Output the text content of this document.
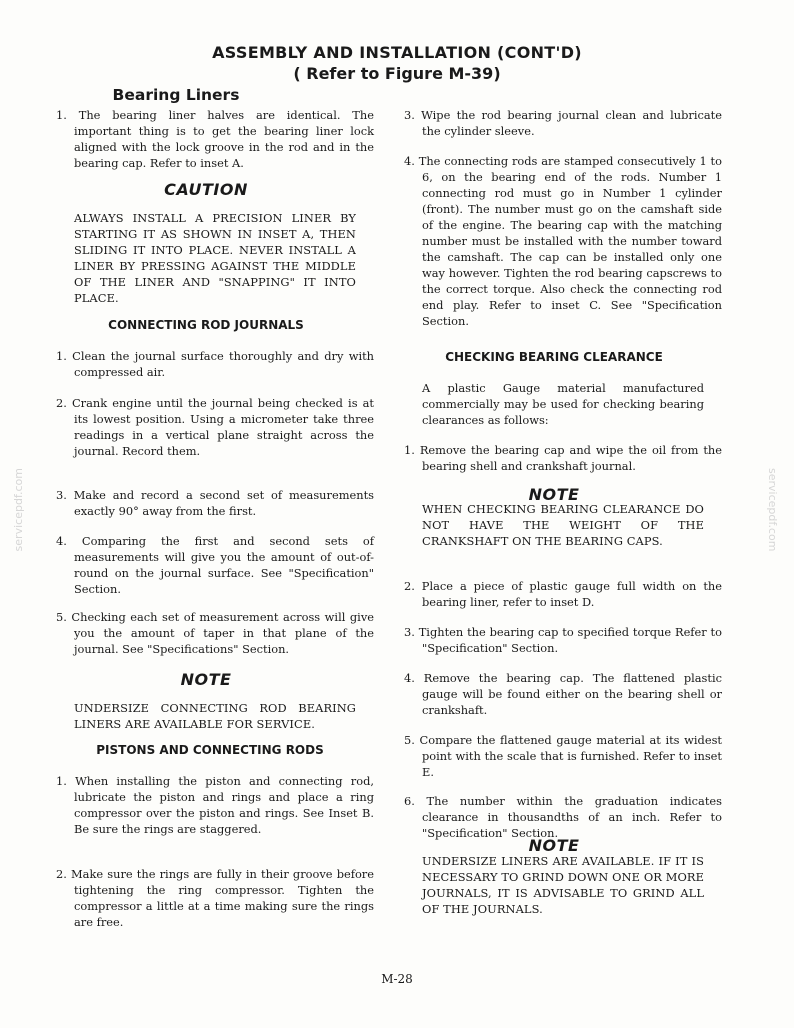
ASSEMBLY AND INSTALLATION (CONT'D)
( Refer to Figure M-39)
Bearing Liners
1. The bearing liner halves are identical. The important thing is to get the bearing liner lock aligned with the lock groove in the rod and in the bearing cap. Refer to inset A.
CAUTION
ALWAYS INSTALL A PRECISION LINER BY STARTING IT AS SHOWN IN INSET A, THEN SLIDING IT INTO PLACE. NEVER INSTALL A LINER BY PRESSING AGAINST THE MIDDLE OF THE LINER AND "SNAPPING" IT INTO PLACE.
CONNECTING ROD JOURNALS
1. Clean the journal surface thoroughly and dry with compressed air.
2. Crank engine until the journal being checked is at its lowest position. Using a micrometer take three readings in a vertical plane straight across the journal. Record them.
3. Make and record a second set of measurements exactly 90° away from the first.
4. Comparing the first and second sets of measurements will give you the amount of out-of-round on the journal surface. See "Specification" Section.
5. Checking each set of measurement across will give you the amount of taper in that plane of the journal. See "Specifications" Section.
NOTE
UNDERSIZE CONNECTING ROD BEARING LINERS ARE AVAILABLE FOR SERVICE.
PISTONS AND CONNECTING RODS
1. When installing the piston and connecting rod, lubricate the piston and rings and place a ring compressor over the piston and rings. See Inset B. Be sure the rings are staggered.
2. Make sure the rings are fully in their groove before tightening the ring compressor. Tighten the compressor a little at a time making sure the rings are free.
3. Wipe the rod bearing journal clean and lubricate the cylinder sleeve.
4. The connecting rods are stamped consecutively 1 to 6, on the bearing end of the rods. Number 1 connecting rod must go in Number 1 cylinder (front). The number must go on the camshaft side of the engine. The bearing cap with the matching number must be installed with the number toward the camshaft. The cap can be installed only one way however. Tighten the rod bearing capscrews to the correct torque. Also check the connecting rod end play. Refer to inset C. See "Specification Section.
CHECKING BEARING CLEARANCE
A plastic Gauge material manufactured commercially may be used for checking bearing clearances as follows:
1. Remove the bearing cap and wipe the oil from the bearing shell and crankshaft journal.
NOTE
WHEN CHECKING BEARING CLEARANCE DO NOT HAVE THE WEIGHT OF THE CRANKSHAFT ON THE BEARING CAPS.
2. Place a piece of plastic gauge full width on the bearing liner, refer to inset D.
3. Tighten the bearing cap to specified torque Refer to "Specification" Section.
4. Remove the bearing cap. The flattened plastic gauge will be found either on the bearing shell or crankshaft.
5. Compare the flattened gauge material at its widest point with the scale that is furnished. Refer to inset E.
6. The number within the graduation indicates clearance in thousandths of an inch. Refer to "Specification" Section.
NOTE
UNDERSIZE LINERS ARE AVAILABLE. IF IT IS NECESSARY TO GRIND DOWN ONE OR MORE JOURNALS, IT IS ADVISABLE TO GRIND ALL OF THE JOURNALS.
servicepdf.com	servicepdf.com
M-28
